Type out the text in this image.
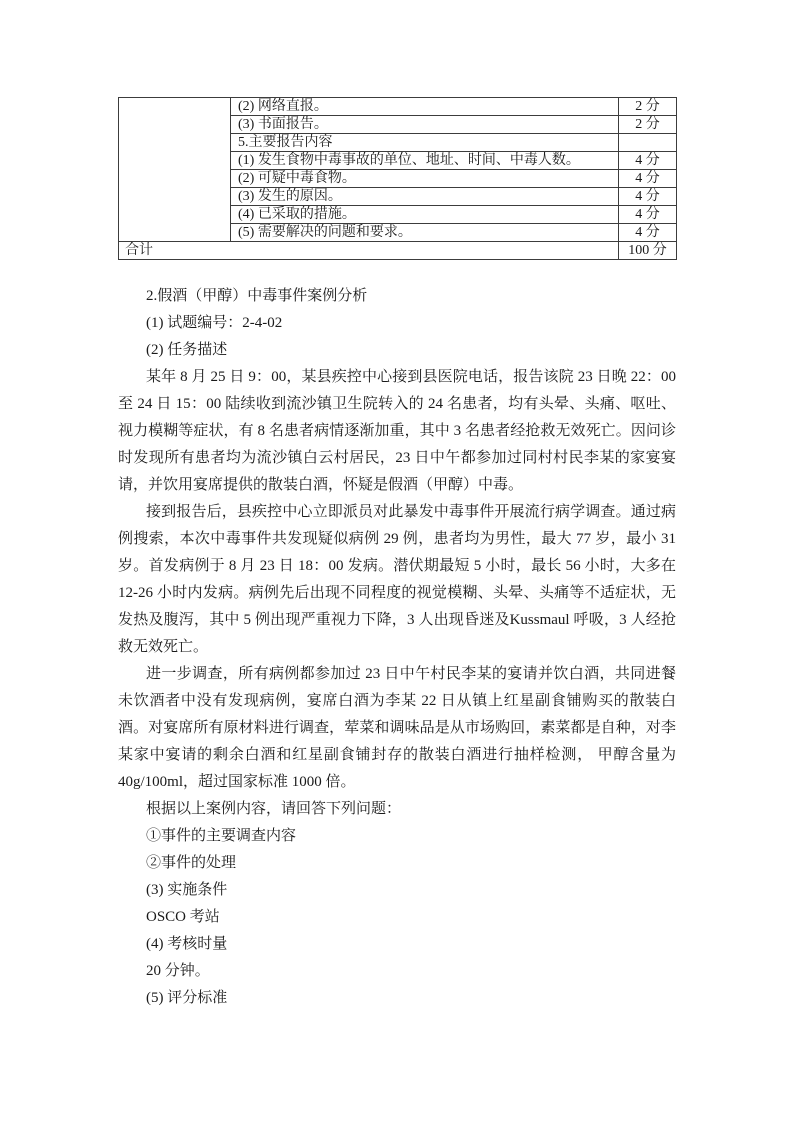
	(2) 网络直报。	2 分
	(3) 书面报告。	2 分
	5.主要报告内容	
	(1) 发生食物中毒事故的单位、地址、时间、中毒人数。	4 分
	(2) 可疑中毒食物。	4 分
	(3) 发生的原因。	4 分
	(4) 已采取的措施。	4 分
	(5) 需要解决的问题和要求。	4 分
合计		100 分
2.假酒（甲醇）中毒事件案例分析
(1) 试题编号：2-4-02
(2) 任务描述

某年 8 月 25 日 9：00，某县疾控中心接到县医院电话，报告该院 23 日晚 22：00 至 24 日 15：00 陆续收到流沙镇卫生院转入的 24 名患者，均有头晕、头痛、呕吐、视力模糊等症状，有 8 名患者病情逐渐加重，其中 3 名患者经抢救无效死亡。因问诊时发现所有患者均为流沙镇白云村居民，23 日中午都参加过同村村民李某的家宴宴请，并饮用宴席提供的散装白酒，怀疑是假酒（甲醇）中毒。

接到报告后，县疾控中心立即派员对此暴发中毒事件开展流行病学调查。通过病例搜索，本次中毒事件共发现疑似病例 29 例，患者均为男性，最大 77 岁，最小 31 岁。首发病例于 8 月 23 日 18：00 发病。潜伏期最短 5 小时，最长 56 小时，大多在 12-26 小时内发病。病例先后出现不同程度的视觉模糊、头晕、头痛等不适症状，无发热及腹泻，其中 5 例出现严重视力下降，3 人出现昏迷及Kussmaul 呼吸，3 人经抢救无效死亡。

进一步调查，所有病例都参加过 23 日中午村民李某的宴请并饮白酒，共同进餐未饮酒者中没有发现病例，宴席白酒为李某 22 日从镇上红星副食铺购买的散装白酒。对宴席所有原材料进行调查，荤菜和调味品是从市场购回，素菜都是自种，对李某家中宴请的剩余白酒和红星副食铺封存的散装白酒进行抽样检测， 甲醇含量为 40g/100ml，超过国家标准 1000 倍。

根据以上案例内容，请回答下列问题：
①事件的主要调查内容
②事件的处理
(3) 实施条件
OSCO 考站
(4) 考核时量
20 分钟。
(5) 评分标准
